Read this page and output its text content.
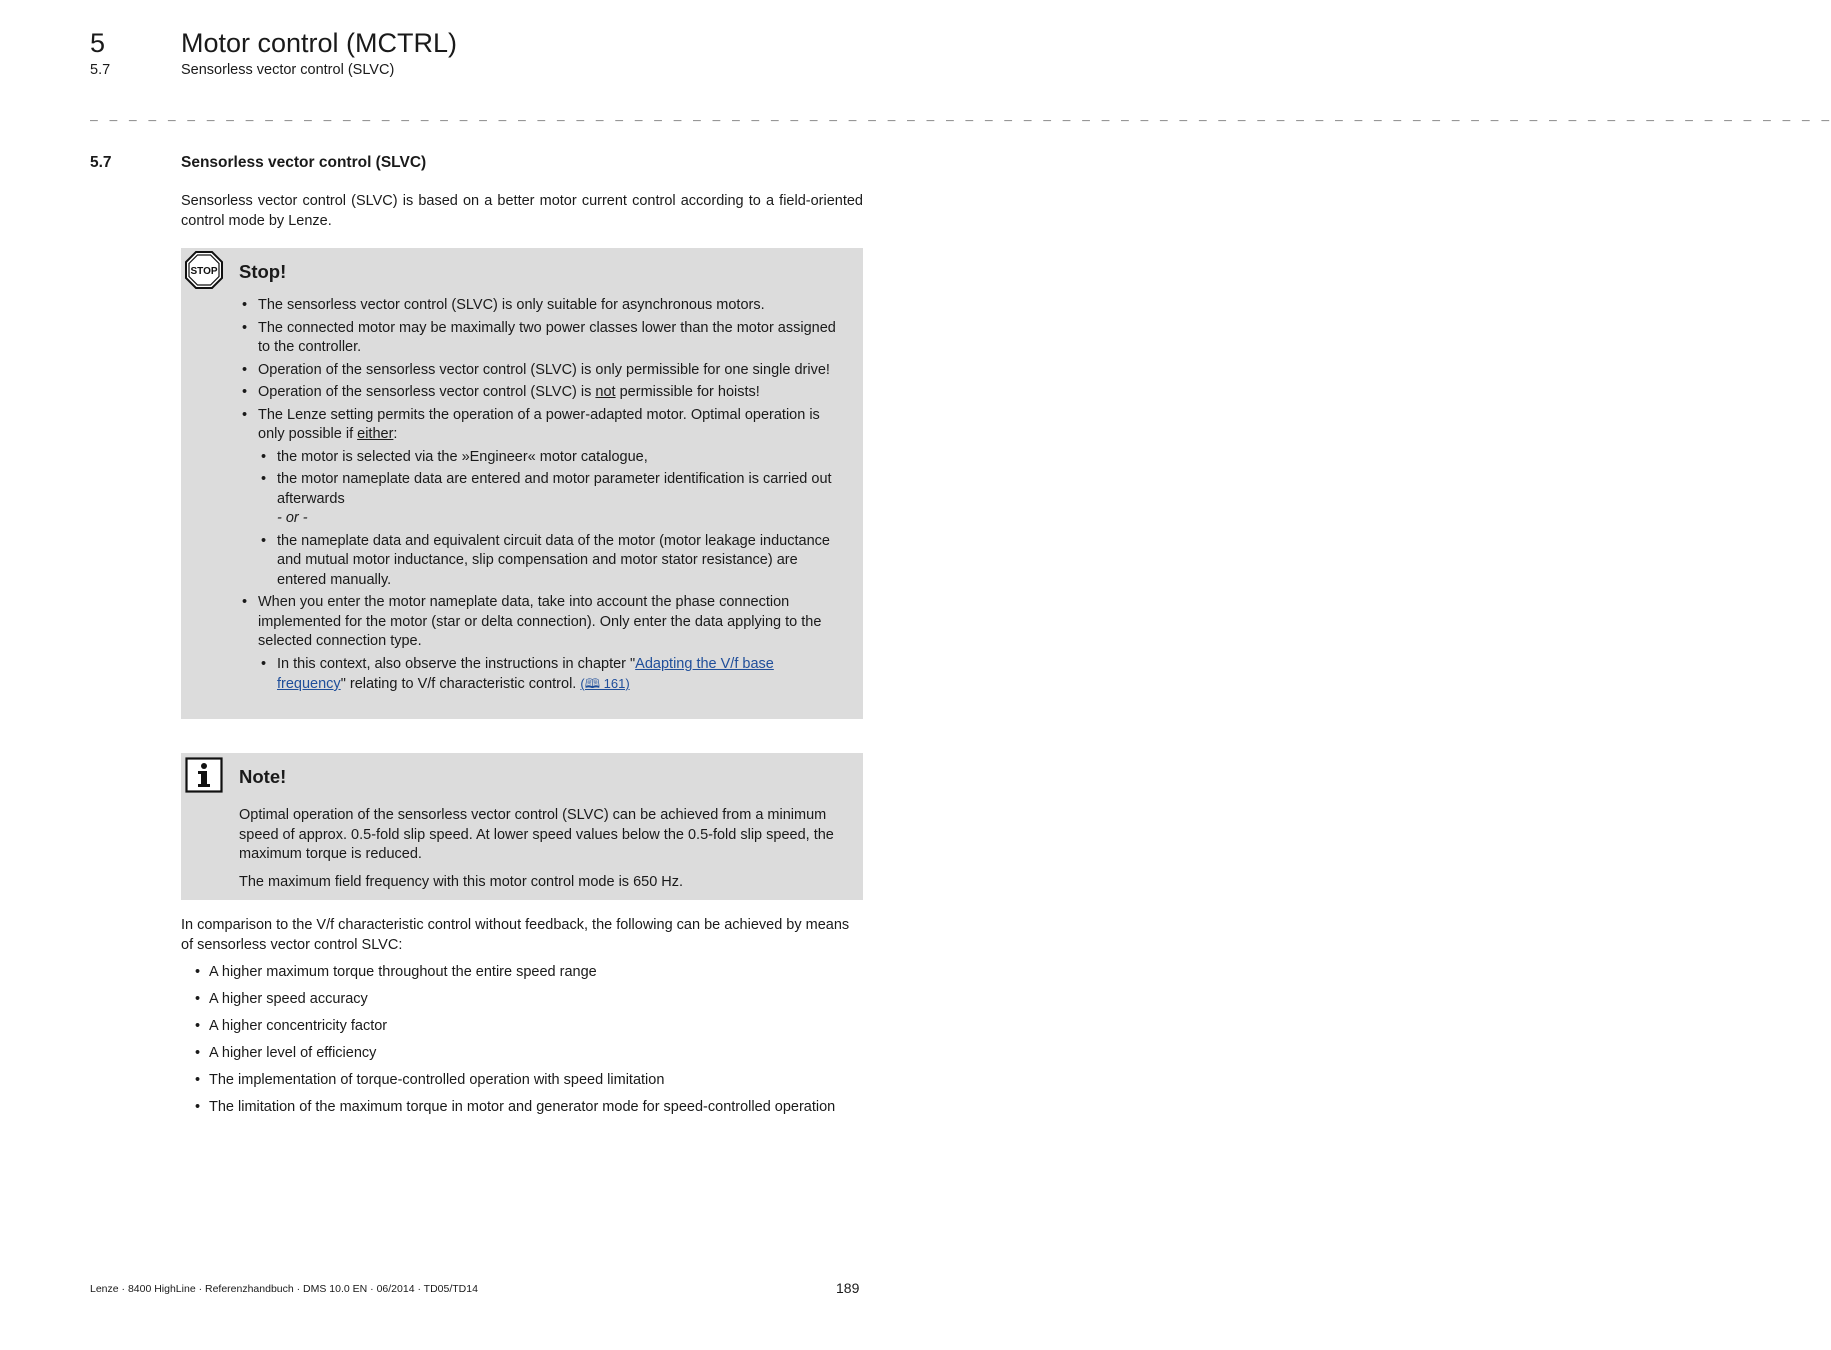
5	Motor control (MCTRL)
5.7	Sensorless vector control (SLVC)
_ _ _ _ _ _ _ _ _ _ _ _ _ _ _ _ _ _ _ _ _ _ _ _ _ _ _ _ _ _ _ _ _ _ _ _ _ _ _ _ _ _ _ _ _ _ _ _ _ _ _ _ _ _ _ _ _ _ _ _ _ _ _ _ _ _ _ _ _ _ _ _ _ _ _ _ _ _ _ _ _ _ _ _ _ _ _ _ _ _
5.7	Sensorless vector control (SLVC)
Sensorless vector control (SLVC) is based on a better motor current control according to a field-oriented control mode by Lenze.
STOP Stop!
• The sensorless vector control (SLVC) is only suitable for asynchronous motors.
• The connected motor may be maximally two power classes lower than the motor assigned to the controller.
• Operation of the sensorless vector control (SLVC) is only permissible for one single drive!
• Operation of the sensorless vector control (SLVC) is not permissible for hoists!
• The Lenze setting permits the operation of a power-adapted motor. Optimal operation is only possible if either:
• the motor is selected via the »Engineer« motor catalogue,
• the motor nameplate data are entered and motor parameter identification is carried out afterwards
- or -
• the nameplate data and equivalent circuit data of the motor (motor leakage inductance and mutual motor inductance, slip compensation and motor stator resistance) are entered manually.
• When you enter the motor nameplate data, take into account the phase connection implemented for the motor (star or delta connection). Only enter the data applying to the selected connection type.
• In this context, also observe the instructions in chapter "Adapting the V/f base frequency" relating to V/f characteristic control. (🕮 161)
Note!

Optimal operation of the sensorless vector control (SLVC) can be achieved from a minimum speed of approx. 0.5-fold slip speed. At lower speed values below the 0.5-fold slip speed, the maximum torque is reduced.

The maximum field frequency with this motor control mode is 650 Hz.

In comparison to the V/f characteristic control without feedback, the following can be achieved by means of sensorless vector control SLVC:
• A higher maximum torque throughout the entire speed range
• A higher speed accuracy
• A higher concentricity factor
• A higher level of efficiency
• The implementation of torque-controlled operation with speed limitation
• The limitation of the maximum torque in motor and generator mode for speed-controlled operation
Lenze · 8400 HighLine · Referenzhandbuch · DMS 10.0 EN · 06/2014 · TD05/TD14	189
